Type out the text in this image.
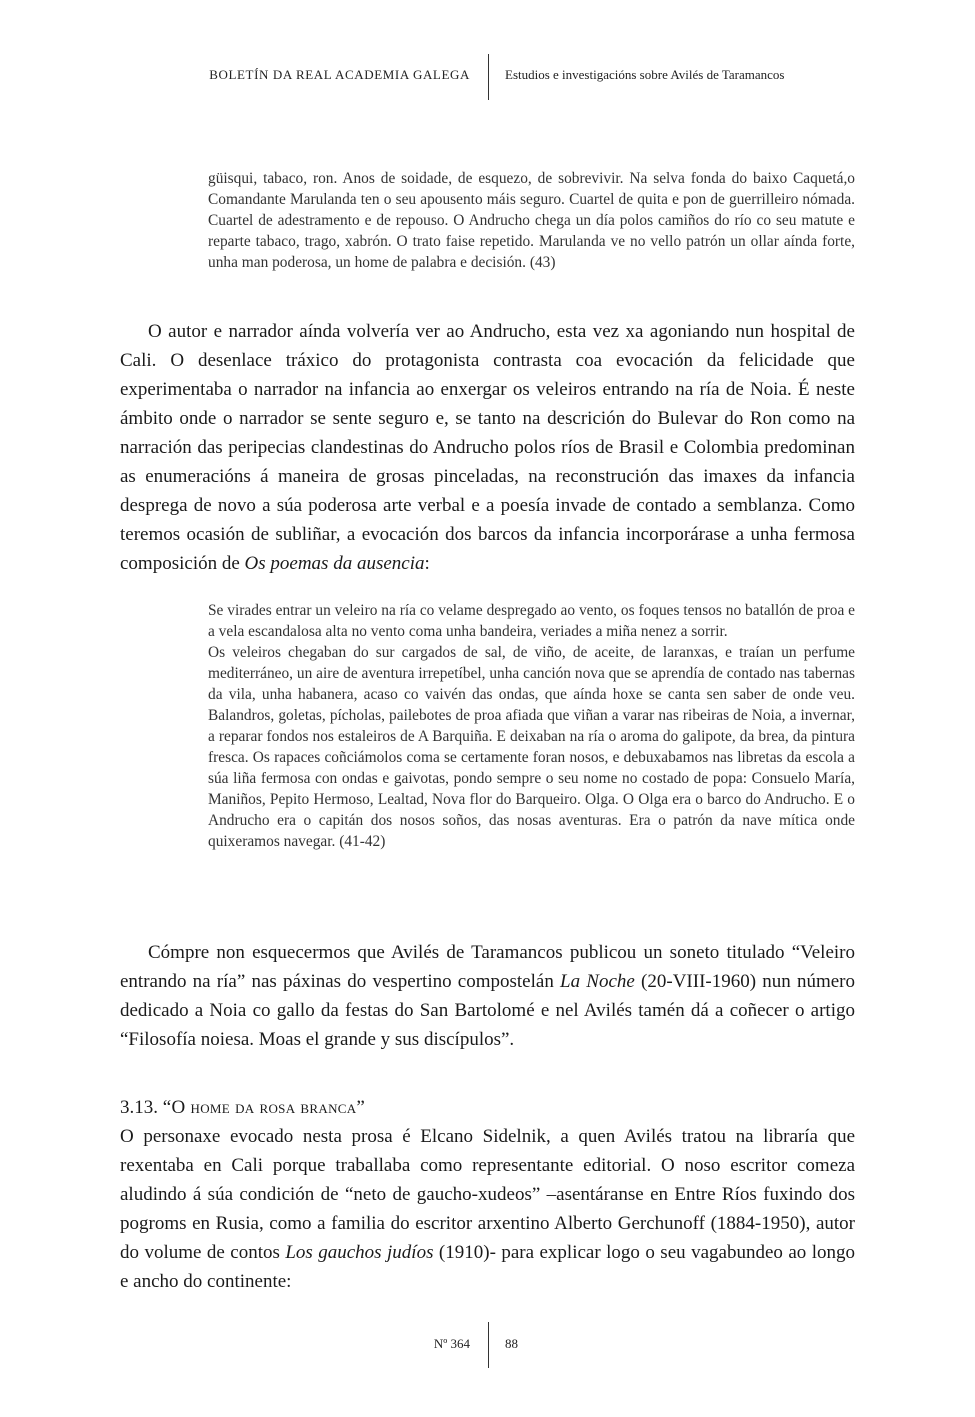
BOLETÍN DA REAL ACADEMIA GALEGA	Estudios e investigacións sobre Avilés de Taramancos

güisqui, tabaco, ron. Anos de soidade, de esquezo, de sobrevivir. Na selva fonda do baixo Caquetá,o Comandante Marulanda ten o seu apousento máis seguro. Cuartel de quita e pon de guerrilleiro nómada. Cuartel de adestramento e de repouso. O Andrucho chega un día polos camiños do río co seu matute e reparte tabaco, trago, xabrón. O trato faise repetido. Marulanda ve no vello patrón un ollar aínda forte, unha man poderosa, un home de palabra e decisión. (43)

O autor e narrador aínda volvería ver ao Andrucho, esta vez xa agoniando nun hospital de Cali. O desenlace tráxico do protagonista contrasta coa evocación da felicidade que experimentaba o narrador na infancia ao enxergar os veleiros entrando na ría de Noia. É neste ámbito onde o narrador se sente seguro e, se tanto na descrición do Bulevar do Ron como na narración das peripecias clandestinas do Andrucho polos ríos de Brasil e Colombia predominan as enumeracións á maneira de grosas pinceladas, na reconstrución das imaxes da infancia desprega de novo a súa poderosa arte verbal e a poesía invade de contado a semblanza. Como teremos ocasión de subliñar, a evocación dos barcos da infancia incorporárase a unha fermosa composición de Os poemas da ausencia:

Se virades entrar un veleiro na ría co velame despregado ao vento, os foques tensos no batallón de proa e a vela escandalosa alta no vento coma unha bandeira, veriades a miña nenez a sorrir.

Os veleiros chegaban do sur cargados de sal, de viño, de aceite, de laranxas, e traían un perfume mediterráneo, un aire de aventura irrepetíbel, unha canción nova que se aprendía de contado nas tabernas da vila, unha habanera, acaso co vaivén das ondas, que aínda hoxe se canta sen saber de onde veu. Balandros, goletas, pícholas, pailebotes de proa afiada que viñan a varar nas ribeiras de Noia, a invernar, a reparar fondos nos estaleiros de A Barquiña. E deixaban na ría o aroma do galipote, da brea, da pintura fresca. Os rapaces coñciámolos coma se certamente foran nosos, e debuxabamos nas libretas da escola a súa liña fermosa con ondas e gaivotas, pondo sempre o seu nome no costado de popa: Consuelo María, Maniños, Pepito Hermoso, Lealtad, Nova flor do Barqueiro. Olga. O Olga era o barco do Andrucho. E o Andrucho era o capitán dos nosos soños, das nosas aventuras. Era o patrón da nave mítica onde quixeramos navegar. (41-42)

Cómpre non esquecermos que Avilés de Taramancos publicou un soneto titulado “Veleiro entrando na ría” nas páxinas do vespertino compostelán La Noche (20-VIII-1960) nun número dedicado a Noia co gallo da festas do San Bartolomé e nel Avilés tamén dá a coñecer o artigo “Filosofía noiesa. Moas el grande y sus discípulos”.

3.13. “O home da rosa branca”

O personaxe evocado nesta prosa é Elcano Sidelnik, a quen Avilés tratou na libraría que rexentaba en Cali porque traballaba como representante editorial. O noso escritor comeza aludindo á súa condición de “neto de gaucho-xudeos” –asentáranse en Entre Ríos fuxindo dos pogroms en Rusia, como a familia do escritor arxentino Alberto Gerchunoff (1884-1950), autor do volume de contos Los gauchos judíos (1910)- para explicar logo o seu vagabundeo ao longo e ancho do continente:

Nº 364	88
